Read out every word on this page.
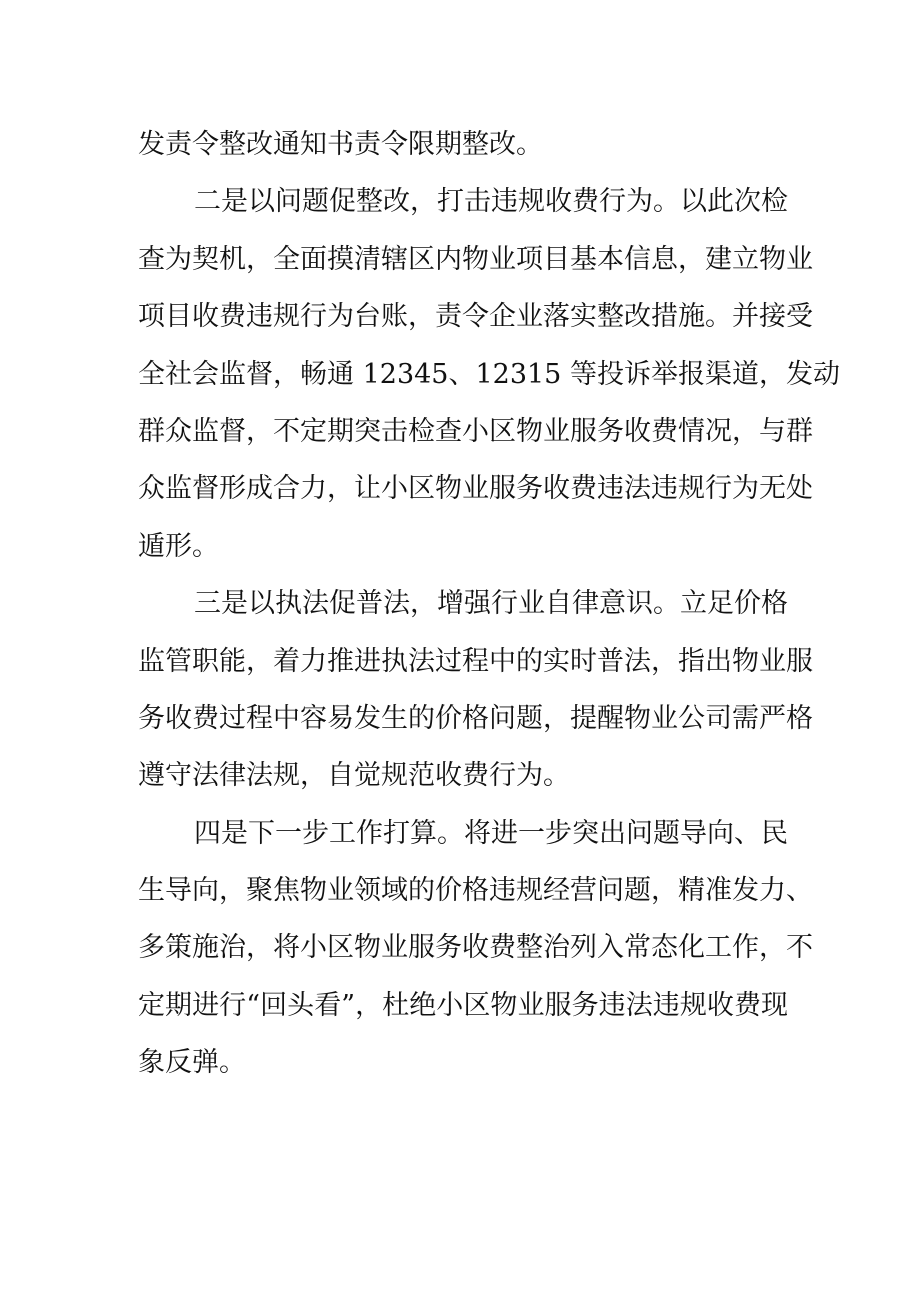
发责令整改通知书责令限期整改。
二是以问题促整改，打击违规收费行为。以此次检
查为契机，全面摸清辖区内物业项目基本信息，建立物业
项目收费违规行为台账，责令企业落实整改措施。并接受
全社会监督，畅通 12345、12315 等投诉举报渠道，发动
群众监督，不定期突击检查小区物业服务收费情况，与群
众监督形成合力，让小区物业服务收费违法违规行为无处
遁形。
三是以执法促普法，增强行业自律意识。立足价格
监管职能，着力推进执法过程中的实时普法，指出物业服
务收费过程中容易发生的价格问题，提醒物业公司需严格
遵守法律法规，自觉规范收费行为。
四是下一步工作打算。将进一步突出问题导向、民
生导向，聚焦物业领域的价格违规经营问题，精准发力、
多策施治，将小区物业服务收费整治列入常态化工作，不
定期进行“回头看”，杜绝小区物业服务违法违规收费现
象反弹。
